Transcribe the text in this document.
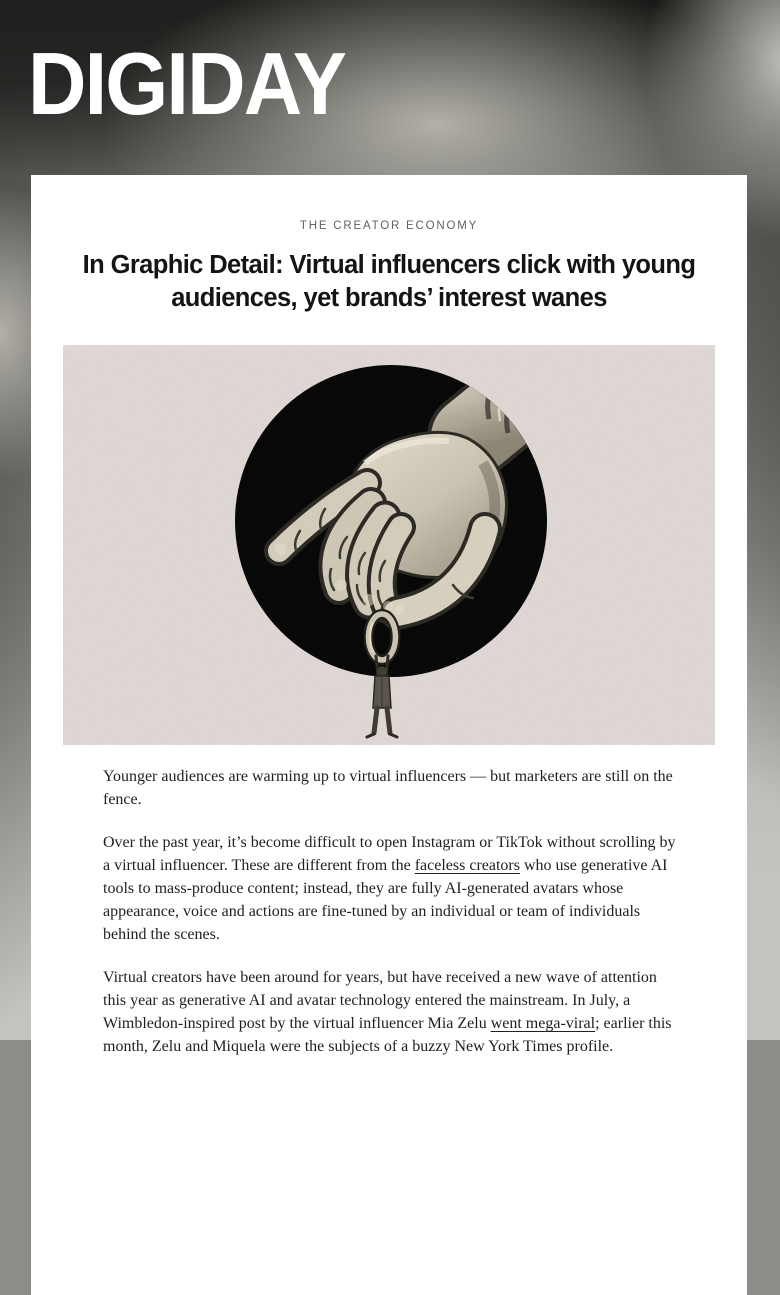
DIGIDAY
THE CREATOR ECONOMY
In Graphic Detail: Virtual influencers click with young audiences, yet brands’ interest wanes

Younger audiences are warming up to virtual influencers — but marketers are still on the fence.

Over the past year, it’s become difficult to open Instagram or TikTok without scrolling by a virtual influencer. These are different from the faceless creators who use generative AI tools to mass-produce content; instead, they are fully AI-generated avatars whose appearance, voice and actions are fine-tuned by an individual or team of individuals behind the scenes.

Virtual creators have been around for years, but have received a new wave of attention this year as generative AI and avatar technology entered the mainstream. In July, a Wimbledon-inspired post by the virtual influencer Mia Zelu went mega-viral; earlier this month, Zelu and Miquela were the subjects of a buzzy New York Times profile.
